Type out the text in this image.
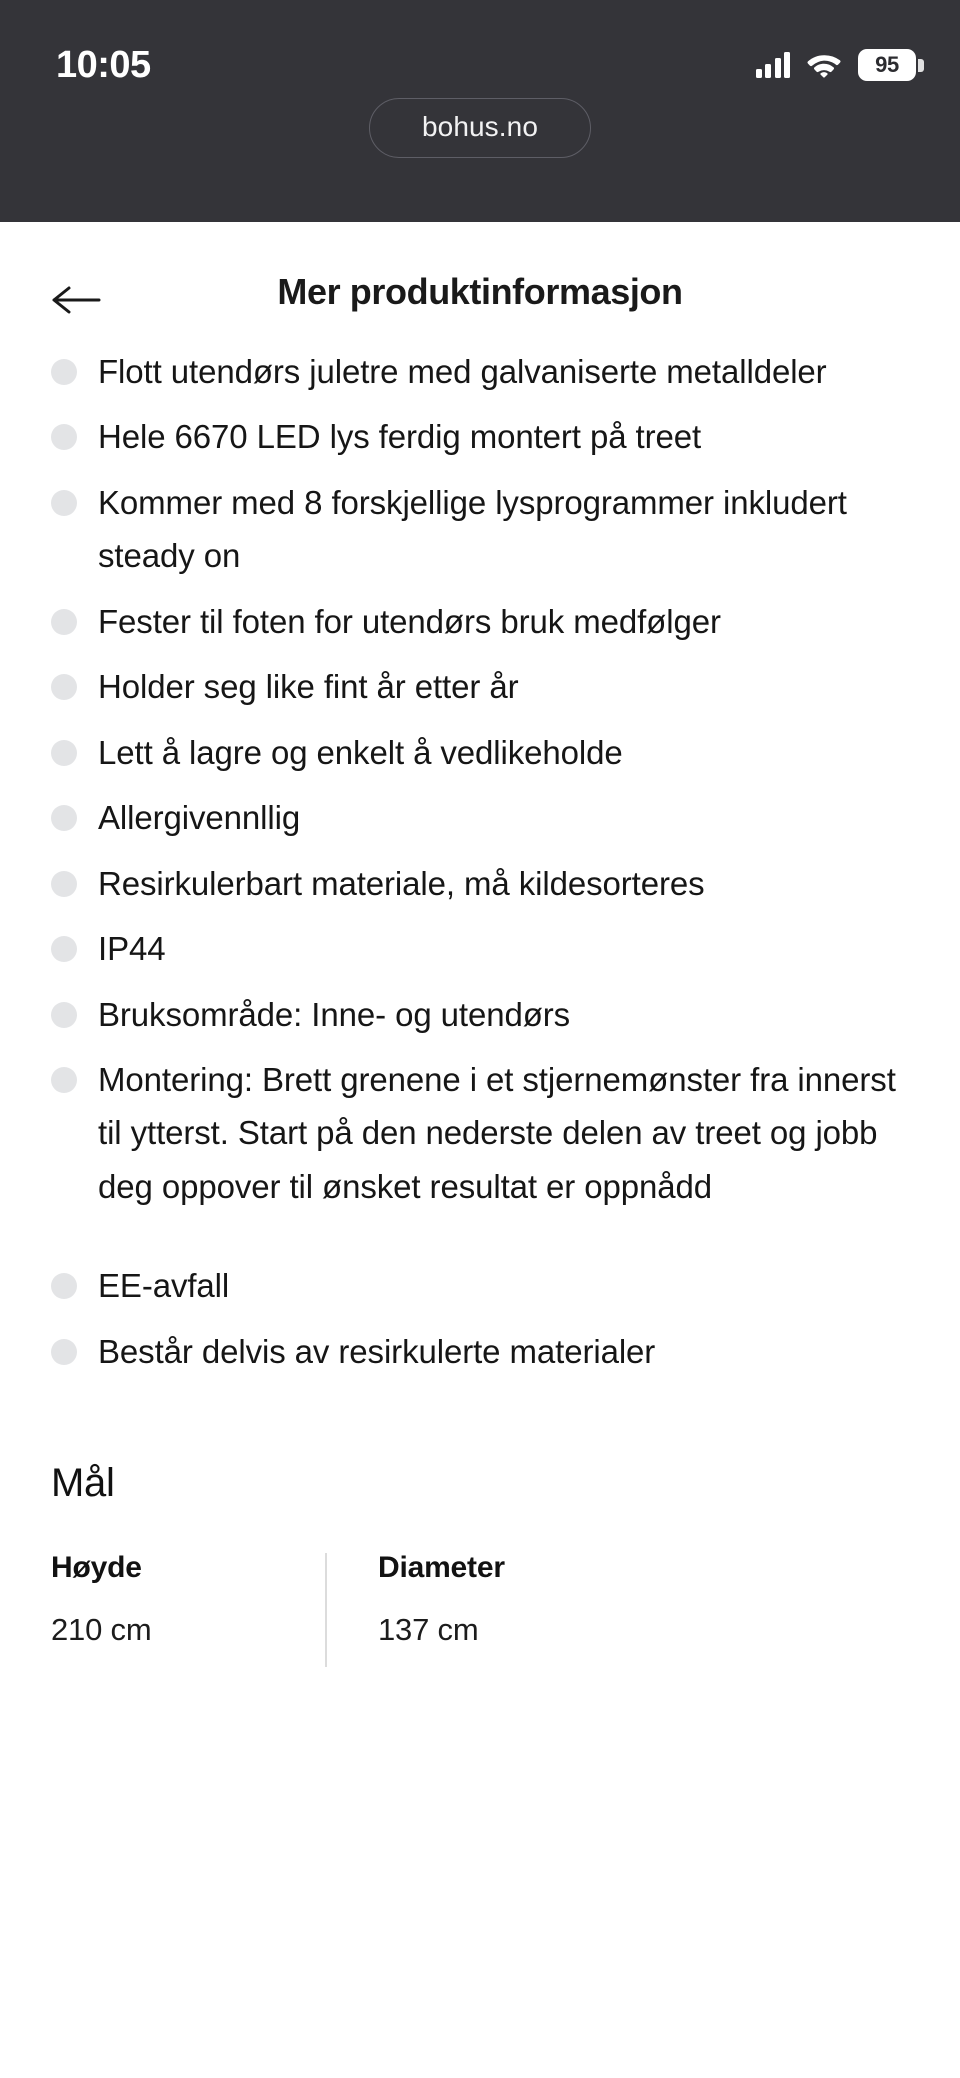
10:05	95
bohus.no
Mer produktinformasjon
Flott utendørs juletre med galvaniserte metalldeler
Hele 6670 LED lys ferdig montert på treet
Kommer med 8 forskjellige lysprogrammer inkludert steady on
Fester til foten for utendørs bruk medfølger
Holder seg like fint år etter år
Lett å lagre og enkelt å vedlikeholde
Allergivennllig
Resirkulerbart materiale, må kildesorteres
IP44
Bruksområde: Inne- og utendørs
Montering: Brett grenene i et stjernemønster fra innerst til ytterst. Start på den nederste delen av treet og jobb deg oppover til ønsket resultat er oppnådd
EE-avfall
Består delvis av resirkulerte materialer
Mål
Høyde
210 cm
Diameter
137 cm
